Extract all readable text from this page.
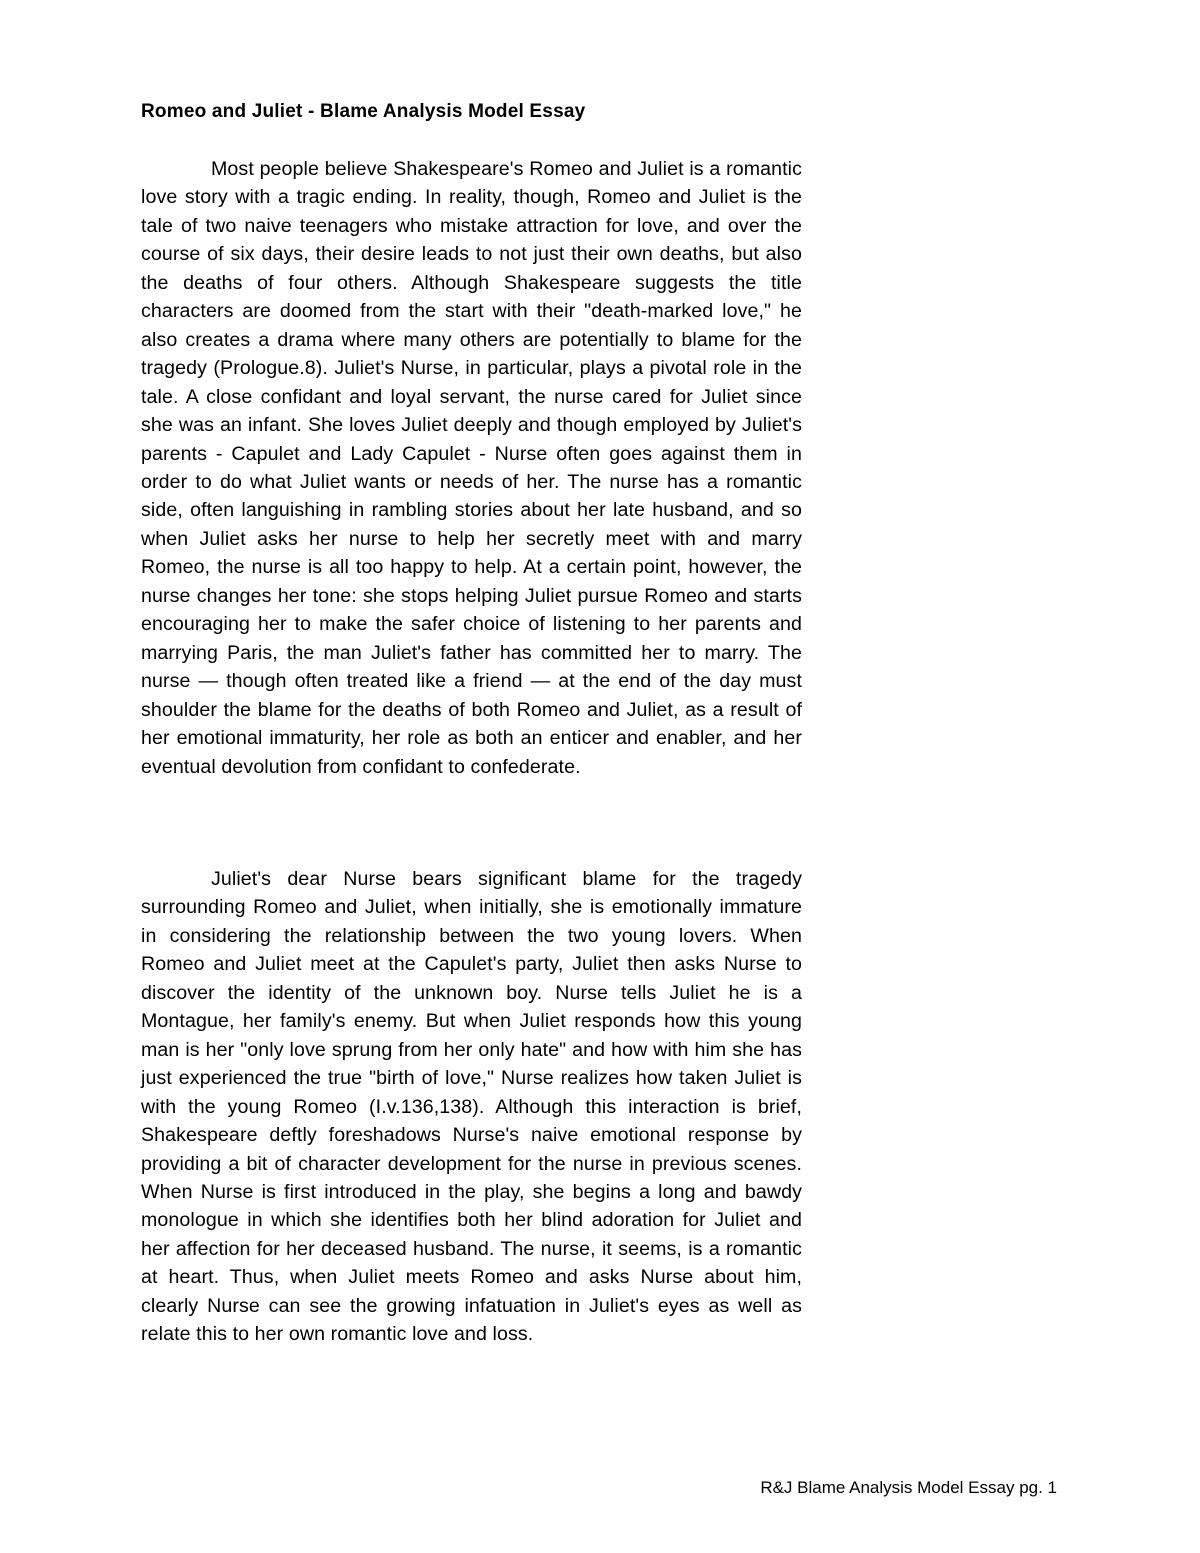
Romeo and Juliet - Blame Analysis Model Essay

Most people believe Shakespeare's Romeo and Juliet is a romantic love story with a tragic ending. In reality, though, Romeo and Juliet is the tale of two naive teenagers who mistake attraction for love, and over the course of six days, their desire leads to not just their own deaths, but also the deaths of four others. Although Shakespeare suggests the title characters are doomed from the start with their "death-marked love," he also creates a drama where many others are potentially to blame for the tragedy (Prologue.8). Juliet's Nurse, in particular, plays a pivotal role in the tale. A close confidant and loyal servant, the nurse cared for Juliet since she was an infant. She loves Juliet deeply and though employed by Juliet's parents - Capulet and Lady Capulet - Nurse often goes against them in order to do what Juliet wants or needs of her. The nurse has a romantic side, often languishing in rambling stories about her late husband, and so when Juliet asks her nurse to help her secretly meet with and marry Romeo, the nurse is all too happy to help. At a certain point, however, the nurse changes her tone: she stops helping Juliet pursue Romeo and starts encouraging her to make the safer choice of listening to her parents and marrying Paris, the man Juliet's father has committed her to marry. The nurse — though often treated like a friend — at the end of the day must shoulder the blame for the deaths of both Romeo and Juliet, as a result of her emotional immaturity, her role as both an enticer and enabler, and her eventual devolution from confidant to confederate.

Juliet's dear Nurse bears significant blame for the tragedy surrounding Romeo and Juliet, when initially, she is emotionally immature in considering the relationship between the two young lovers. When Romeo and Juliet meet at the Capulet's party, Juliet then asks Nurse to discover the identity of the unknown boy. Nurse tells Juliet he is a Montague, her family's enemy. But when Juliet responds how this young man is her "only love sprung from her only hate" and how with him she has just experienced the true "birth of love," Nurse realizes how taken Juliet is with the young Romeo (I.v.136,138). Although this interaction is brief, Shakespeare deftly foreshadows Nurse's naive emotional response by providing a bit of character development for the nurse in previous scenes. When Nurse is first introduced in the play, she begins a long and bawdy monologue in which she identifies both her blind adoration for Juliet and her affection for her deceased husband. The nurse, it seems, is a romantic at heart. Thus, when Juliet meets Romeo and asks Nurse about him, clearly Nurse can see the growing infatuation in Juliet's eyes as well as relate this to her own romantic love and loss.

R&J Blame Analysis Model Essay pg. 1
